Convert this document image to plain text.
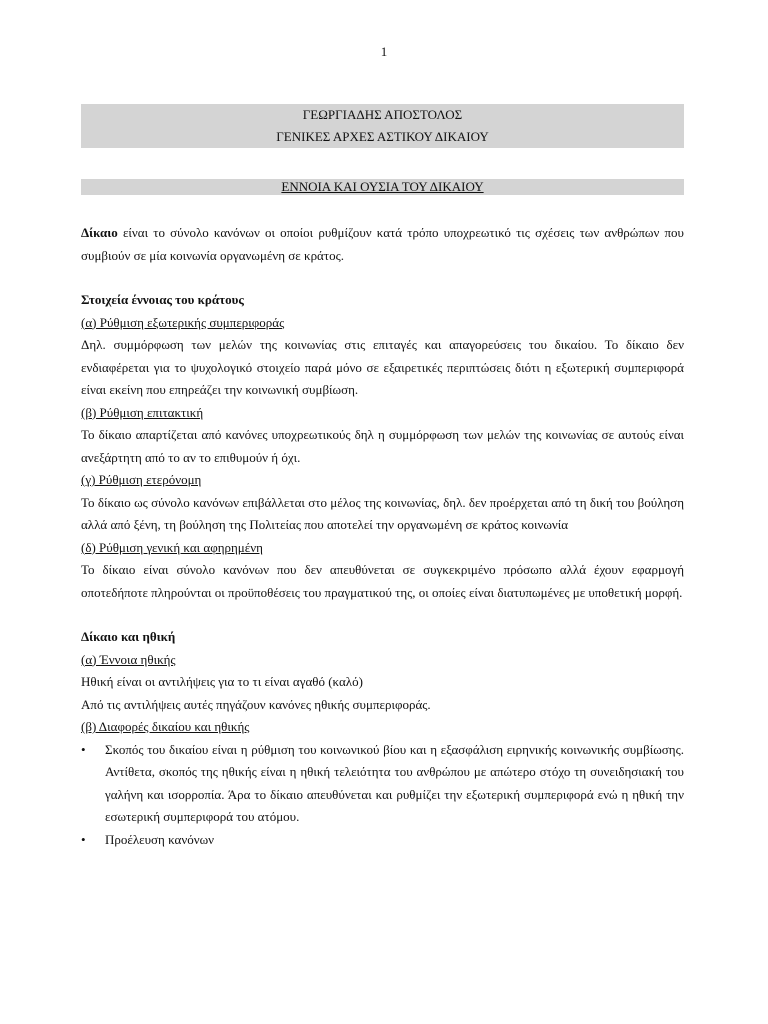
1
ΓΕΩΡΓΙΑΔΗΣ ΑΠΟΣΤΟΛΟΣ
ΓΕΝΙΚΕΣ ΑΡΧΕΣ ΑΣΤΙΚΟΥ ΔΙΚΑΙΟΥ
ΕΝΝΟΙΑ ΚΑΙ ΟΥΣΙΑ ΤΟΥ ΔΙΚΑΙΟΥ

Δίκαιο είναι το σύνολο κανόνων οι οποίοι ρυθμίζουν κατά τρόπο υποχρεωτικό τις σχέσεις των ανθρώπων που συμβιούν σε μία κοινωνία οργανωμένη σε κράτος.

Στοιχεία έννοιας του κράτους

(α) Ρύθμιση εξωτερικής συμπεριφοράς

Δηλ. συμμόρφωση των μελών της κοινωνίας στις επιταγές και απαγορεύσεις του δικαίου. Το δίκαιο δεν ενδιαφέρεται για το ψυχολογικό στοιχείο παρά μόνο σε εξαιρετικές περιπτώσεις διότι η εξωτερική συμπεριφορά είναι εκείνη που επηρεάζει την κοινωνική συμβίωση.

(β) Ρύθμιση επιτακτική

Το δίκαιο απαρτίζεται από κανόνες υποχρεωτικούς δηλ η συμμόρφωση των μελών της κοινωνίας σε αυτούς είναι ανεξάρτητη από το αν το επιθυμούν ή όχι.

(γ) Ρύθμιση ετερόνομη

Το δίκαιο ως σύνολο κανόνων επιβάλλεται στο μέλος της κοινωνίας, δηλ. δεν προέρχεται από τη δική του βούληση αλλά από ξένη, τη βούληση της Πολιτείας που αποτελεί την οργανωμένη σε κράτος κοινωνία

(δ) Ρύθμιση γενική και αφηρημένη

Το δίκαιο είναι σύνολο κανόνων που δεν απευθύνεται σε συγκεκριμένο πρόσωπο αλλά έχουν εφαρμογή οποτεδήποτε πληρούνται οι προϋποθέσεις του πραγματικού της, οι οποίες είναι διατυπωμένες με υποθετική μορφή.

Δίκαιο και ηθική

(α) Έννοια ηθικής

Ηθική είναι οι αντιλήψεις για το τι είναι αγαθό (καλό)

Από τις αντιλήψεις αυτές πηγάζουν κανόνες ηθικής συμπεριφοράς.

(β) Διαφορές δικαίου και ηθικής

• Σκοπός του δικαίου είναι η ρύθμιση του κοινωνικού βίου και η εξασφάλιση ειρηνικής κοινωνικής συμβίωσης. Αντίθετα, σκοπός της ηθικής είναι η ηθική τελειότητα του ανθρώπου με απώτερο στόχο τη συνειδησιακή του γαλήνη και ισορροπία. Άρα το δίκαιο απευθύνεται και ρυθμίζει την εξωτερική συμπεριφορά ενώ η ηθική την εσωτερική συμπεριφορά του ατόμου.
• Προέλευση κανόνων
